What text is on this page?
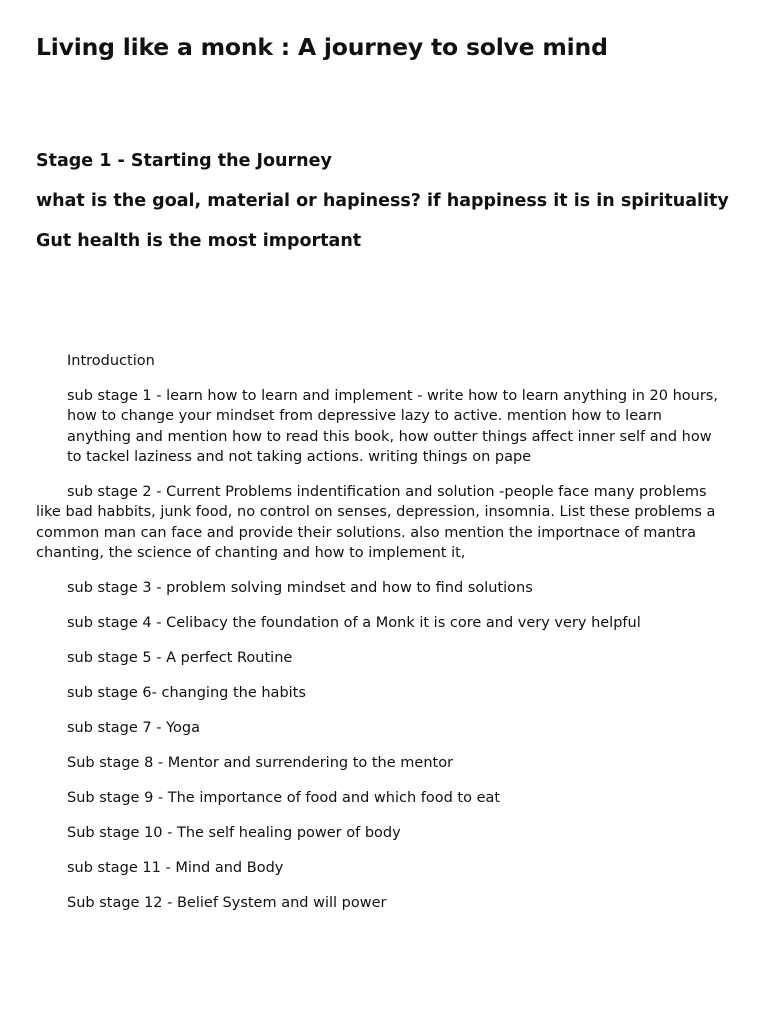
Living like a monk : A journey to solve mind

Stage 1 - Starting the Journey

what is the goal, material or hapiness? if happiness it is in spirituality

Gut health is the most important

Introduction

sub stage 1 - learn how to learn and implement - write how to learn anything in 20 hours, how to change your mindset from depressive lazy to active. mention how to learn anything and mention how to read this book, how outter things affect inner self and how to tackel laziness and not taking actions. writing things on pape

sub stage 2 - Current Problems indentification and solution -people face many problems like bad habbits, junk food, no control on senses, depression, insomnia. List these problems a common man can face and provide their solutions. also mention the importnace of mantra chanting, the science of chanting and how to implement it,

sub stage 3 - problem solving mindset and how to find solutions

sub stage 4 - Celibacy the foundation of a Monk it is core and very very helpful

sub stage 5 - A perfect Routine

sub stage 6- changing the habits

sub stage 7 - Yoga

Sub stage 8 - Mentor and surrendering to the mentor

Sub stage 9 - The importance of food and which food to eat

Sub stage 10 - The self healing power of body

sub stage 11 - Mind and Body

Sub stage 12 - Belief System and will power
